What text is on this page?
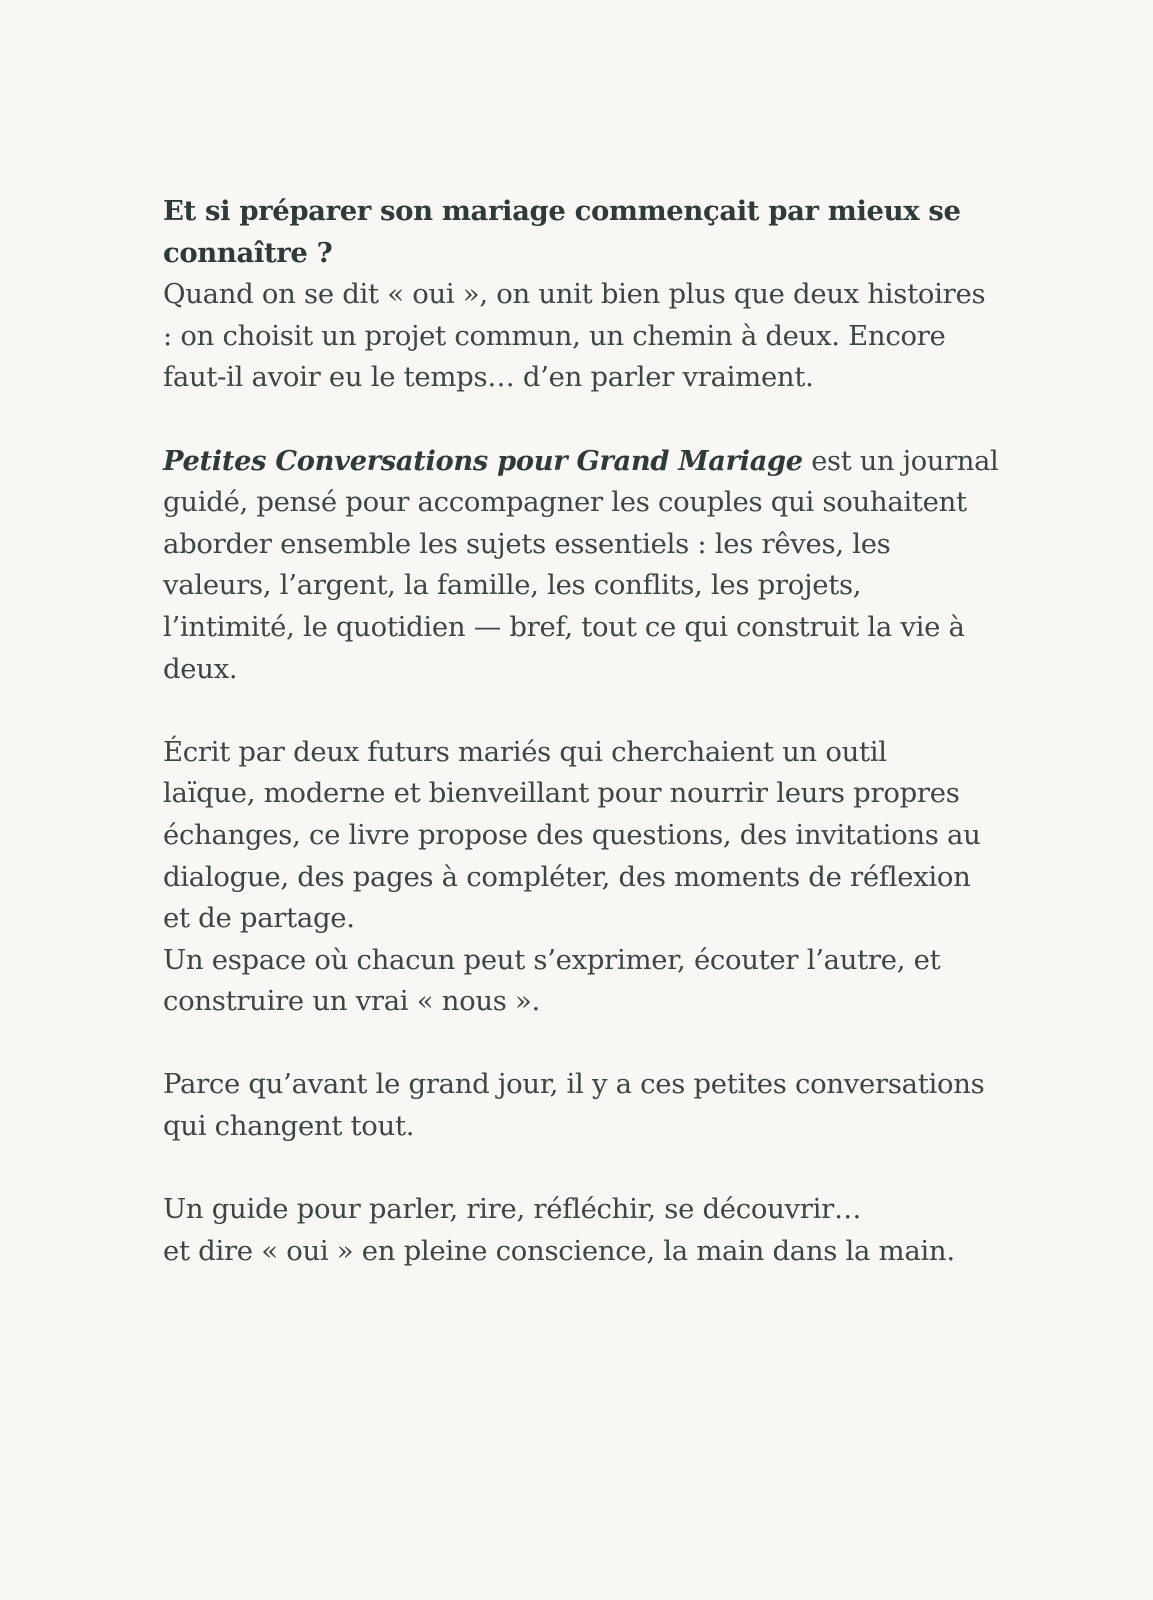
Et si préparer son mariage commençait par mieux se
connaître ?
Quand on se dit « oui », on unit bien plus que deux histoires
: on choisit un projet commun, un chemin à deux. Encore
faut-il avoir eu le temps… d’en parler vraiment.
Petites Conversations pour Grand Mariage est un journal
guidé, pensé pour accompagner les couples qui souhaitent
aborder ensemble les sujets essentiels : les rêves, les
valeurs, l’argent, la famille, les conflits, les projets,
l’intimité, le quotidien — bref, tout ce qui construit la vie à
deux.
Écrit par deux futurs mariés qui cherchaient un outil
laïque, moderne et bienveillant pour nourrir leurs propres
échanges, ce livre propose des questions, des invitations au
dialogue, des pages à compléter, des moments de réflexion
et de partage.
Un espace où chacun peut s’exprimer, écouter l’autre, et
construire un vrai « nous ».
Parce qu’avant le grand jour, il y a ces petites conversations
qui changent tout.
Un guide pour parler, rire, réfléchir, se découvrir…
et dire « oui » en pleine conscience, la main dans la main.
